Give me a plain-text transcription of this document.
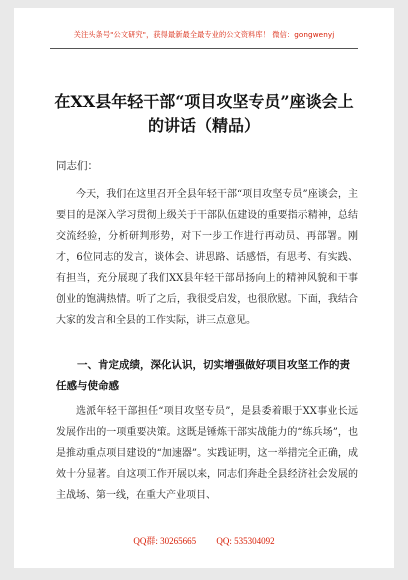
关注头条号"公文研究"，获得最新最全最专业的公文资料库！ 微信：gongwenyj
在XX县年轻干部“项目攻坚专员”座谈会上的讲话（精品）
同志们：

今天，我们在这里召开全县年轻干部“项目攻坚专员”座谈会，主要目的是深入学习贯彻上级关于干部队伍建设的重要指示精神，总结交流经验，分析研判形势，对下一步工作进行再动员、再部署。刚才，6位同志的发言，谈体会、讲思路、话感悟，有思考、有实践、有担当，充分展现了我们XX县年轻干部昂扬向上的精神风貌和干事创业的饱满热情。听了之后，我很受启发，也很欣慰。下面，我结合大家的发言和全县的工作实际，讲三点意见。

一、肯定成绩，深化认识，切实增强做好项目攻坚工作的责任感与使命感

选派年轻干部担任“项目攻坚专员”，是县委着眼于XX事业长远发展作出的一项重要决策。这既是锤炼干部实战能力的“练兵场”，也是推动重点项目建设的“加速器”。实践证明，这一举措完全正确，成效十分显著。自这项工作开展以来，同志们奔赴全县经济社会发展的主战场、第一线，在重大产业项目、

QQ群: 30265665 QQ: 535304092
